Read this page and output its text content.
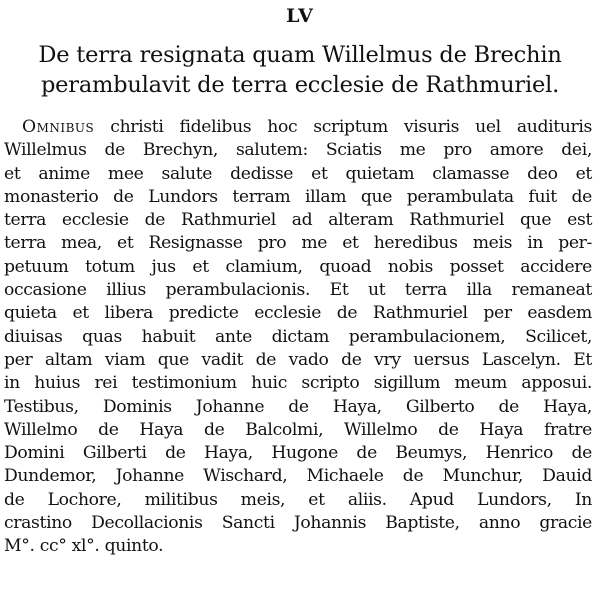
LV
De terra resignata quam Willelmus de Brechin
perambulavit de terra ecclesie de Rathmuriel.
Omnibus christi fidelibus hoc scriptum visuris uel audituris
Willelmus de Brechyn, salutem: Sciatis me pro amore dei,
et anime mee salute dedisse et quietam clamasse deo et
monasterio de Lundors terram illam que perambulata fuit de
terra ecclesie de Rathmuriel ad alteram Rathmuriel que est
terra mea, et Resignasse pro me et heredibus meis in per-
petuum totum jus et clamium, quoad nobis posset accidere
occasione illius perambulacionis. Et ut terra illa remaneat
quieta et libera predicte ecclesie de Rathmuriel per easdem
diuisas quas habuit ante dictam perambulacionem, Scilicet,
per altam viam que vadit de vado de vry uersus Lascelyn. Et
in huius rei testimonium huic scripto sigillum meum apposui.
Testibus, Dominis Johanne de Haya, Gilberto de Haya,
Willelmo de Haya de Balcolmi, Willelmo de Haya fratre
Domini Gilberti de Haya, Hugone de Beumys, Henrico de
Dundemor, Johanne Wischard, Michaele de Munchur, Dauid
de Lochore, militibus meis, et aliis. Apud Lundors, In
crastino Decollacionis Sancti Johannis Baptiste, anno gracie
M°. cc° xl°. quinto.
